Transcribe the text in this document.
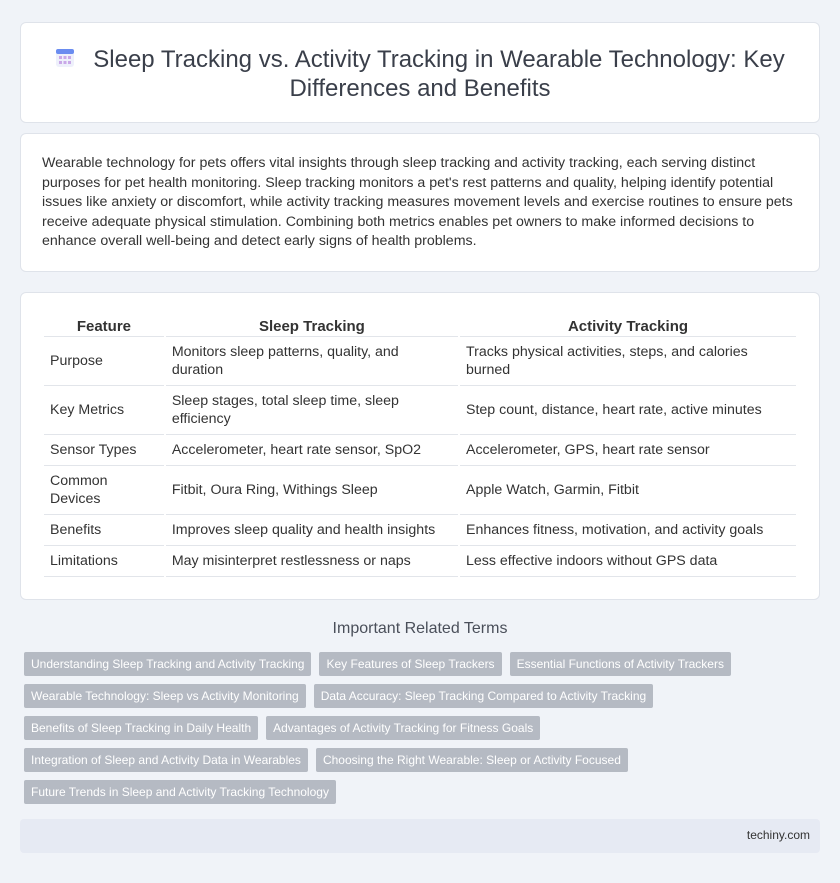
Sleep Tracking vs. Activity Tracking in Wearable Technology: Key Differences and Benefits

Wearable technology for pets offers vital insights through sleep tracking and activity tracking, each serving distinct purposes for pet health monitoring. Sleep tracking monitors a pet's rest patterns and quality, helping identify potential issues like anxiety or discomfort, while activity tracking measures movement levels and exercise routines to ensure pets receive adequate physical stimulation. Combining both metrics enables pet owners to make informed decisions to enhance overall well-being and detect early signs of health problems.

Feature	Sleep Tracking	Activity Tracking
Purpose	Monitors sleep patterns, quality, and duration	Tracks physical activities, steps, and calories burned
Key Metrics	Sleep stages, total sleep time, sleep efficiency	Step count, distance, heart rate, active minutes
Sensor Types	Accelerometer, heart rate sensor, SpO2	Accelerometer, GPS, heart rate sensor
Common Devices	Fitbit, Oura Ring, Withings Sleep	Apple Watch, Garmin, Fitbit
Benefits	Improves sleep quality and health insights	Enhances fitness, motivation, and activity goals
Limitations	May misinterpret restlessness or naps	Less effective indoors without GPS data
Important Related Terms
Understanding Sleep Tracking and Activity Tracking	Key Features of Sleep Trackers	Essential Functions of Activity Trackers
Wearable Technology: Sleep vs Activity Monitoring	Data Accuracy: Sleep Tracking Compared to Activity Tracking
Benefits of Sleep Tracking in Daily Health	Advantages of Activity Tracking for Fitness Goals
Integration of Sleep and Activity Data in Wearables	Choosing the Right Wearable: Sleep or Activity Focused
Future Trends in Sleep and Activity Tracking Technology
techiny.com
